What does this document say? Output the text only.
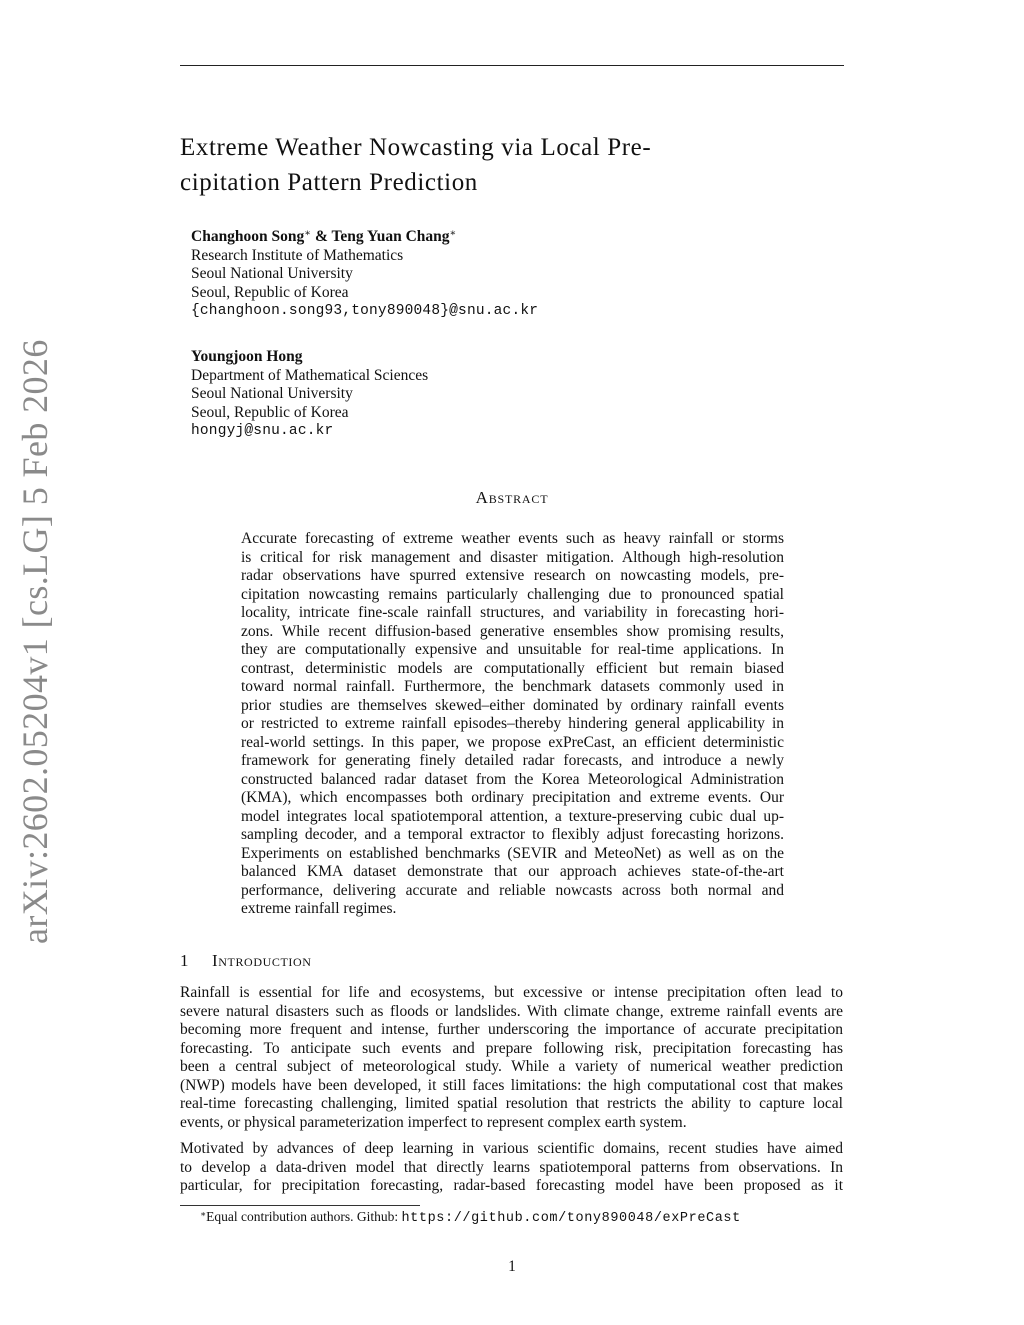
arXiv:2602.05204v1 [cs.LG] 5 Feb 2026
Extreme Weather Nowcasting via Local Pre-
cipitation Pattern Prediction
Changhoon Song∗ & Teng Yuan Chang∗
Research Institute of Mathematics
Seoul National University
Seoul, Republic of Korea
{changhoon.song93,tony890048}@snu.ac.kr
Youngjoon Hong
Department of Mathematical Sciences
Seoul National University
Seoul, Republic of Korea
hongyj@snu.ac.kr
Abstract
Accurate forecasting of extreme weather events such as heavy rainfall or storms
is critical for risk management and disaster mitigation. Although high-resolution
radar observations have spurred extensive research on nowcasting models, pre-
cipitation nowcasting remains particularly challenging due to pronounced spatial
locality, intricate fine-scale rainfall structures, and variability in forecasting hori-
zons. While recent diffusion-based generative ensembles show promising results,
they are computationally expensive and unsuitable for real-time applications. In
contrast, deterministic models are computationally efficient but remain biased
toward normal rainfall. Furthermore, the benchmark datasets commonly used in
prior studies are themselves skewed–either dominated by ordinary rainfall events
or restricted to extreme rainfall episodes–thereby hindering general applicability in
real-world settings. In this paper, we propose exPreCast, an efficient deterministic
framework for generating finely detailed radar forecasts, and introduce a newly
constructed balanced radar dataset from the Korea Meteorological Administration
(KMA), which encompasses both ordinary precipitation and extreme events. Our
model integrates local spatiotemporal attention, a texture-preserving cubic dual up-
sampling decoder, and a temporal extractor to flexibly adjust forecasting horizons.
Experiments on established benchmarks (SEVIR and MeteoNet) as well as on the
balanced KMA dataset demonstrate that our approach achieves state-of-the-art
performance, delivering accurate and reliable nowcasts across both normal and
extreme rainfall regimes.
1 Introduction
Rainfall is essential for life and ecosystems, but excessive or intense precipitation often lead to
severe natural disasters such as floods or landslides. With climate change, extreme rainfall events are
becoming more frequent and intense, further underscoring the importance of accurate precipitation
forecasting. To anticipate such events and prepare following risk, precipitation forecasting has
been a central subject of meteorological study. While a variety of numerical weather prediction
(NWP) models have been developed, it still faces limitations: the high computational cost that makes
real-time forecasting challenging, limited spatial resolution that restricts the ability to capture local
events, or physical parameterization imperfect to represent complex earth system.
Motivated by advances of deep learning in various scientific domains, recent studies have aimed
to develop a data-driven model that directly learns spatiotemporal patterns from observations. In
particular, for precipitation forecasting, radar-based forecasting model have been proposed as it
∗Equal contribution authors. Github: https://github.com/tony890048/exPreCast
1
